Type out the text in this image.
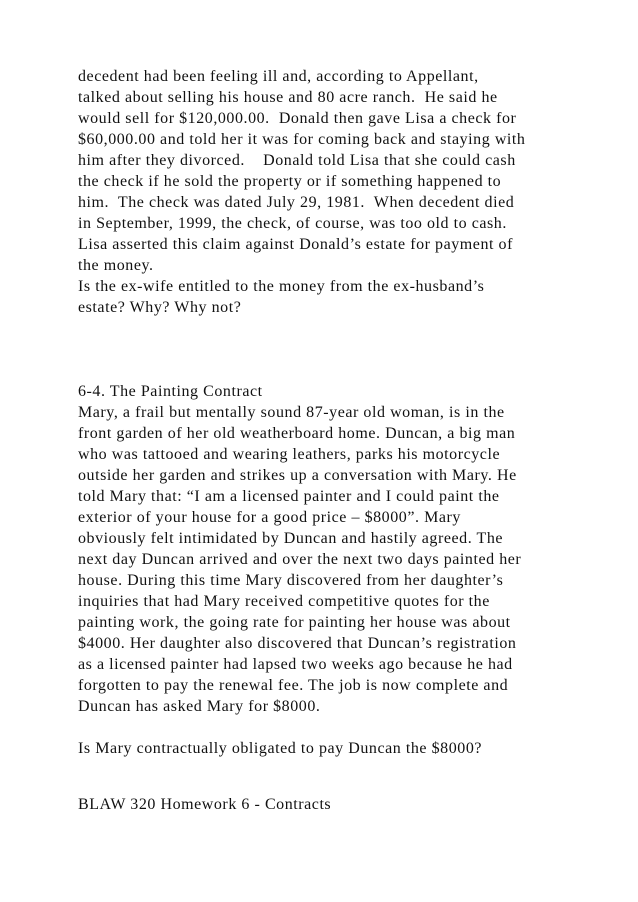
decedent had been feeling ill and, according to Appellant,

talked about selling his house and 80 acre ranch.  He said he

would sell for $120,000.00.  Donald then gave Lisa a check for

$60,000.00 and told her it was for coming back and staying with

him after they divorced.    Donald told Lisa that she could cash

the check if he sold the property or if something happened to

him.  The check was dated July 29, 1981.  When decedent died

in September, 1999, the check, of course, was too old to cash.

Lisa asserted this claim against Donald’s estate for payment of

the money.

Is the ex-wife entitled to the money from the ex-husband’s

estate? Why? Why not?

6-4. The Painting Contract

Mary, a frail but mentally sound 87-year old woman, is in the

front garden of her old weatherboard home. Duncan, a big man

who was tattooed and wearing leathers, parks his motorcycle

outside her garden and strikes up a conversation with Mary. He

told Mary that: “I am a licensed painter and I could paint the

exterior of your house for a good price – $8000”. Mary

obviously felt intimidated by Duncan and hastily agreed. The

next day Duncan arrived and over the next two days painted her

house. During this time Mary discovered from her daughter’s

inquiries that had Mary received competitive quotes for the

painting work, the going rate for painting her house was about

$4000. Her daughter also discovered that Duncan’s registration

as a licensed painter had lapsed two weeks ago because he had

forgotten to pay the renewal fee. The job is now complete and

Duncan has asked Mary for $8000.

Is Mary contractually obligated to pay Duncan the $8000?

BLAW 320 Homework 6 - Contracts
